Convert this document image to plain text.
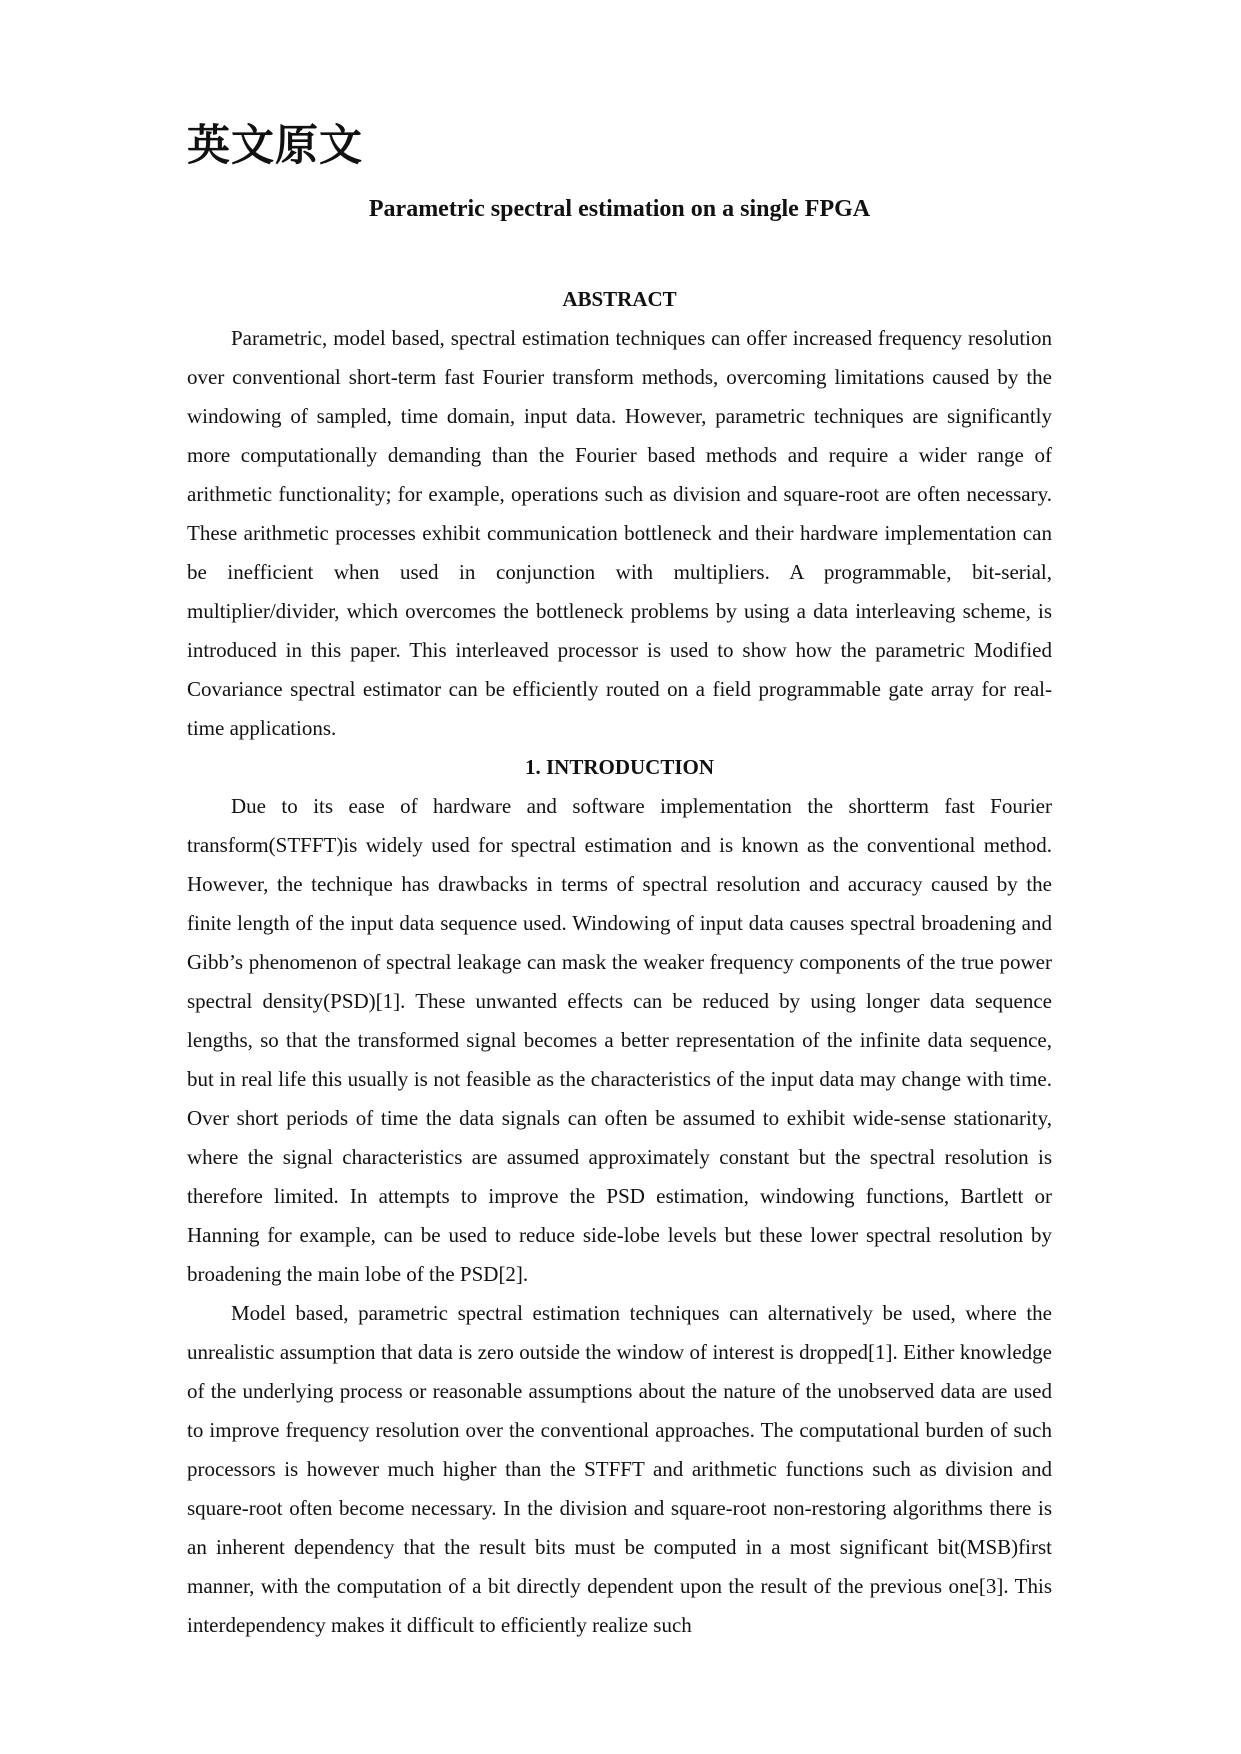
英文原文
Parametric spectral estimation on a single FPGA
ABSTRACT

Parametric, model based, spectral estimation techniques can offer increased frequency resolution over conventional short-term fast Fourier transform methods, overcoming limitations caused by the windowing of sampled, time domain, input data. However, parametric techniques are significantly more computationally demanding than the Fourier based methods and require a wider range of arithmetic functionality; for example, operations such as division and square-root are often necessary. These arithmetic processes exhibit communication bottleneck and their hardware implementation can be inefficient when used in conjunction with multipliers. A programmable, bit-serial, multiplier/divider, which overcomes the bottleneck problems by using a data interleaving scheme, is introduced in this paper. This interleaved processor is used to show how the parametric Modified Covariance spectral estimator can be efficiently routed on a field programmable gate array for real-time applications.

1. INTRODUCTION

Due to its ease of hardware and software implementation the shortterm fast Fourier transform(STFFT)is widely used for spectral estimation and is known as the conventional method. However, the technique has drawbacks in terms of spectral resolution and accuracy caused by the finite length of the input data sequence used. Windowing of input data causes spectral broadening and Gibb’s phenomenon of spectral leakage can mask the weaker frequency components of the true power spectral density(PSD)[1]. These unwanted effects can be reduced by using longer data sequence lengths, so that the transformed signal becomes a better representation of the infinite data sequence, but in real life this usually is not feasible as the characteristics of the input data may change with time. Over short periods of time the data signals can often be assumed to exhibit wide-sense stationarity, where the signal characteristics are assumed approximately constant but the spectral resolution is therefore limited. In attempts to improve the PSD estimation, windowing functions, Bartlett or Hanning for example, can be used to reduce side-lobe levels but these lower spectral resolution by broadening the main lobe of the PSD[2].

Model based, parametric spectral estimation techniques can alternatively be used, where the unrealistic assumption that data is zero outside the window of interest is dropped[1]. Either knowledge of the underlying process or reasonable assumptions about the nature of the unobserved data are used to improve frequency resolution over the conventional approaches. The computational burden of such processors is however much higher than the STFFT and arithmetic functions such as division and square-root often become necessary. In the division and square-root non-restoring algorithms there is an inherent dependency that the result bits must be computed in a most significant bit(MSB)first manner, with the computation of a bit directly dependent upon the result of the previous one[3]. This interdependency makes it difficult to efficiently realize such
